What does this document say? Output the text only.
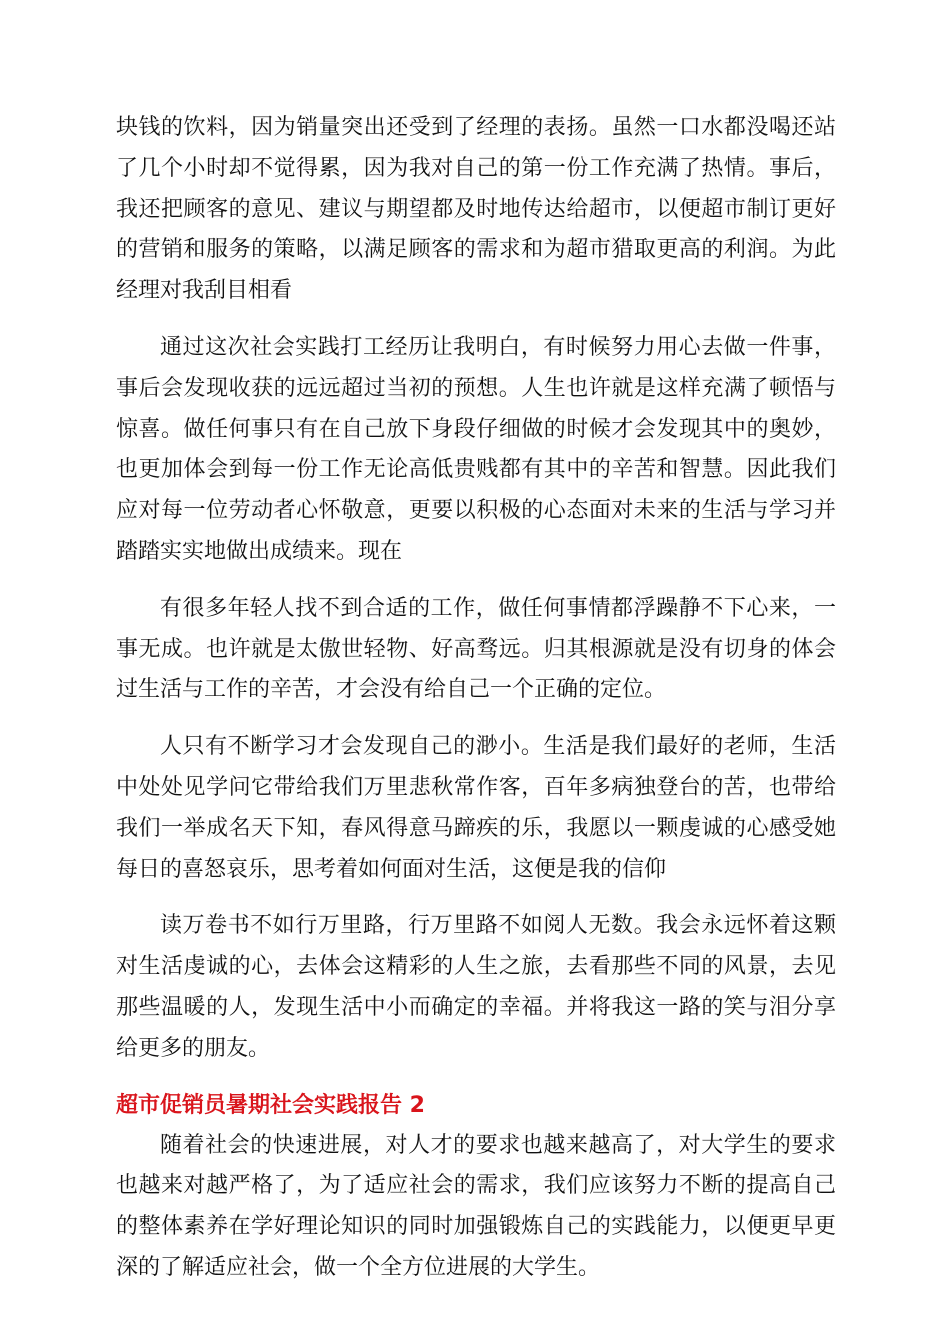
块钱的饮料，因为销量突出还受到了经理的表扬。虽然一口水都没喝还站了几个小时却不觉得累，因为我对自己的第一份工作充满了热情。事后，我还把顾客的意见、建议与期望都及时地传达给超市，以便超市制订更好的营销和服务的策略，以满足顾客的需求和为超市猎取更高的利润。为此经理对我刮目相看

通过这次社会实践打工经历让我明白，有时候努力用心去做一件事，事后会发现收获的远远超过当初的预想。人生也许就是这样充满了顿悟与惊喜。做任何事只有在自己放下身段仔细做的时候才会发现其中的奥妙，也更加体会到每一份工作无论高低贵贱都有其中的辛苦和智慧。因此我们应对每一位劳动者心怀敬意，更要以积极的心态面对未来的生活与学习并踏踏实实地做出成绩来。现在

有很多年轻人找不到合适的工作，做任何事情都浮躁静不下心来，一事无成。也许就是太傲世轻物、好高骛远。归其根源就是没有切身的体会过生活与工作的辛苦，才会没有给自己一个正确的定位。

人只有不断学习才会发现自己的渺小。生活是我们最好的老师，生活中处处见学问它带给我们万里悲秋常作客，百年多病独登台的苦，也带给我们一举成名天下知，春风得意马蹄疾的乐，我愿以一颗虔诚的心感受她每日的喜怒哀乐，思考着如何面对生活，这便是我的信仰

读万卷书不如行万里路，行万里路不如阅人无数。我会永远怀着这颗对生活虔诚的心，去体会这精彩的人生之旅，去看那些不同的风景，去见那些温暖的人，发现生活中小而确定的幸福。并将我这一路的笑与泪分享给更多的朋友。

超市促销员暑期社会实践报告 2

随着社会的快速进展，对人才的要求也越来越高了，对大学生的要求也越来对越严格了，为了适应社会的需求，我们应该努力不断的提高自己的整体素养在学好理论知识的同时加强锻炼自己的实践能力，以便更早更深的了解适应社会，做一个全方位进展的大学生。
